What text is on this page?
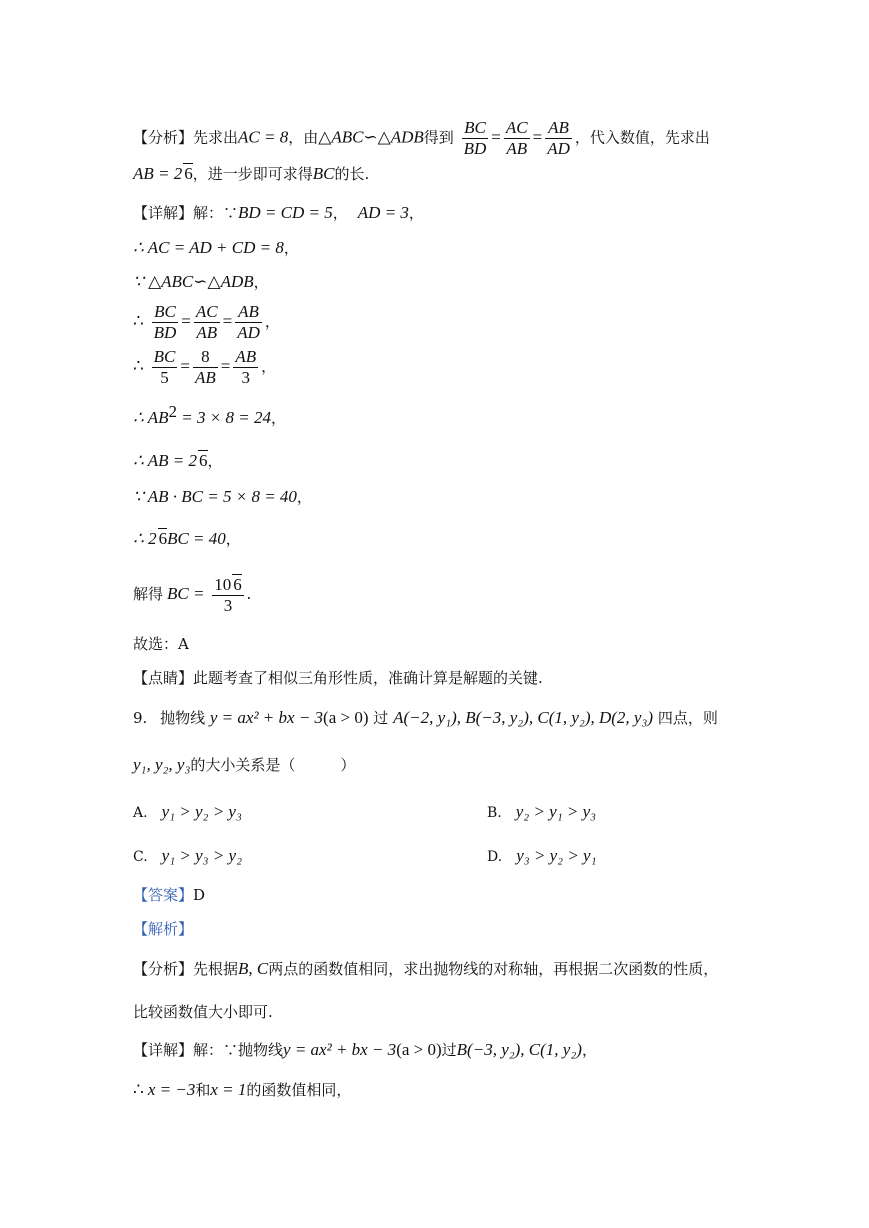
【分析】先求出AC = 8，由△ABC∽△ADB得到 $\frac{BC}{BD} = \frac{AC}{AB} = \frac{AB}{AD}$ ，代入数值，先求出
AB = 2 6，进一步即可求得BC的长.
【详解】解：∵BD = CD = 5， AD = 3，
∴ AC = AD + CD = 8，
∵ △ABC∽△ADB，
∴ $\frac{BC}{BD} = \frac{AC}{AB} = \frac{AB}{AD}$ ，
∴ $\frac{BC}{5} = \frac{8}{AB} = \frac{AB}{3}$ ，
∴ $AB^2 = 3 \times 8 = 24$，
∴ AB = 2 6，
∵ AB · BC = 5 × 8 = 40，
∴ 2 6BC = 40，
解得 BC = $\frac{10 6}{3}$ .
故选：A
【点睛】此题考查了相似三角形性质，准确计算是解题的关键.
9. 抛物线 y = ax² + bx − 3(a > 0) 过 A(−2, y₁), B(−3, y₂), C(1, y₂), D(2, y₃) 四点，则
y₁, y₂, y₃的大小关系是（　　　）
A. y₁ > y₂ > y₃	B. y₂ > y₁ > y₃
C. y₁ > y₃ > y₂	D. y₃ > y₂ > y₁
【答案】D
【解析】
【分析】先根据B, C两点的函数值相同，求出抛物线的对称轴，再根据二次函数的性质，
比较函数值大小即可.
【详解】解：∵抛物线y = ax² + bx − 3(a > 0)过B(−3, y₂), C(1, y₂)，
∴ x = −3和x = 1的函数值相同，
